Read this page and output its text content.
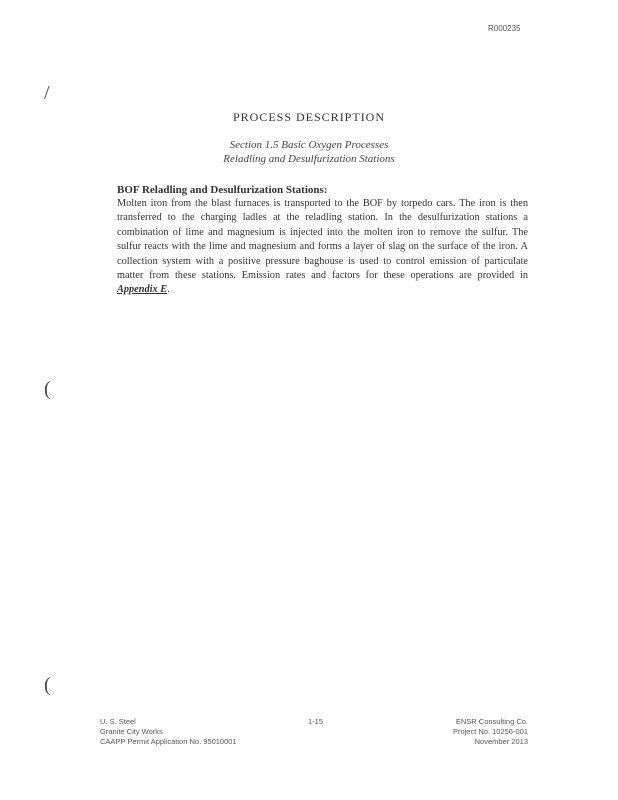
R000235
/
(
(
PROCESS DESCRIPTION
Section 1.5 Basic Oxygen Processes
Reladling and Desulfurization Stations
BOF Reladling and Desulfurization Stations:
Molten iron from the blast furnaces is transported to the BOF by torpedo cars. The iron is then transferred to the charging ladles at the reladling station. In the desulfurization stations a combination of lime and magnesium is injected into the molten iron to remove the sulfur. The sulfur reacts with the lime and magnesium and forms a layer of slag on the surface of the iron. A collection system with a positive pressure baghouse is used to control emission of particulate matter from these stations. Emission rates and factors for these operations are provided in Appendix E.
U. S. Steel
Granite City Works
CAAPP Permit Application No. 95010001
1-15	ENSR Consulting Co.
Project No. 10256-001
November 2013
